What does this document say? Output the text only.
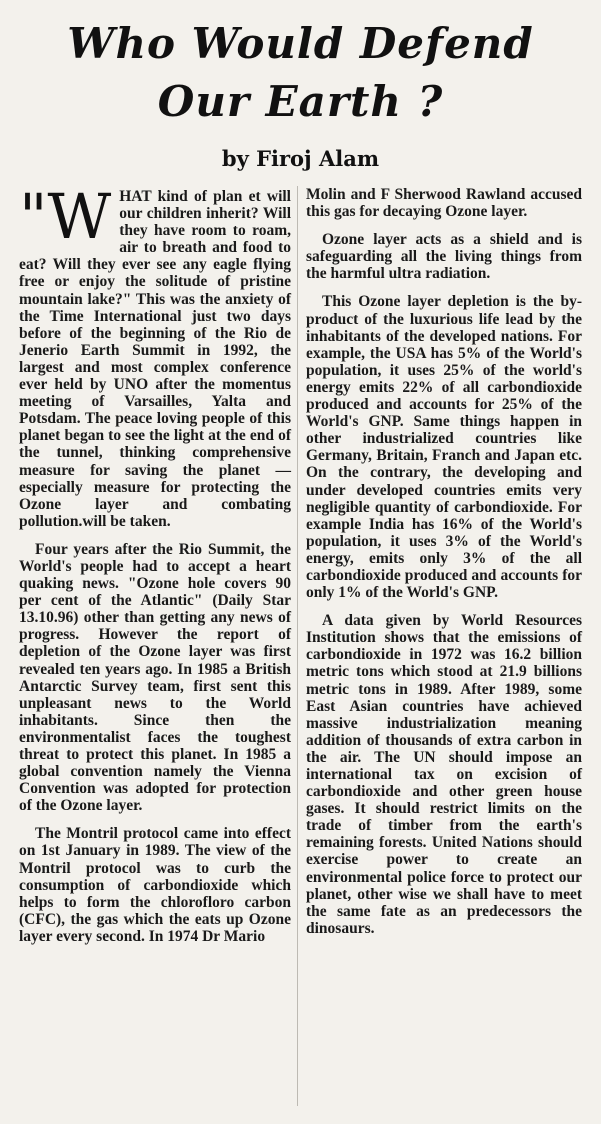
Who Would Defend
Our Earth ?
by Firoj Alam

"WHAT kind of plan et will our children inherit? Will they have room to roam, air to breath and food to eat? Will they ever see any eagle flying free or enjoy the solitude of pristine mountain lake?" This was the anxiety of the Time International just two days before of the beginning of the Rio de Jenerio Earth Summit in 1992, the largest and most complex conference ever held by UNO after the momentus meeting of Varsailles, Yalta and Potsdam. The peace loving people of this planet began to see the light at the end of the tunnel, thinking comprehensive measure for saving the planet — especially measure for protecting the Ozone layer and combating pollution.will be taken.

Four years after the Rio Summit, the World's people had to accept a heart quaking news. "Ozone hole covers 90 per cent of the Atlantic" (Daily Star 13.10.96) other than getting any news of progress. However the report of depletion of the Ozone layer was first revealed ten years ago. In 1985 a British Antarctic Survey team, first sent this unpleasant news to the World inhabitants. Since then the environmentalist faces the toughest threat to protect this planet. In 1985 a global convention namely the Vienna Convention was adopted for protection of the Ozone layer.

The Montril protocol came into effect on 1st January in 1989. The view of the Montril protocol was to curb the consumption of carbondioxide which helps to form the chlorofloro carbon (CFC), the gas which the eats up Ozone layer every second. In 1974 Dr Mario

Molin and F Sherwood Rawland accused this gas for decaying Ozone layer.

Ozone layer acts as a shield and is safeguarding all the living things from the harmful ultra radiation.

This Ozone layer depletion is the by-product of the luxurious life lead by the inhabitants of the developed nations. For example, the USA has 5% of the World's population, it uses 25% of the world's energy emits 22% of all carbondioxide produced and accounts for 25% of the World's GNP. Same things happen in other industrialized countries like Germany, Britain, Franch and Japan etc. On the contrary, the developing and under developed countries emits very negligible quantity of carbondioxide. For example India has 16% of the World's population, it uses 3% of the World's energy, emits only 3% of the all carbondioxide produced and accounts for only 1% of the World's GNP.

A data given by World Resources Institution shows that the emissions of carbondioxide in 1972 was 16.2 billion metric tons which stood at 21.9 billions metric tons in 1989. After 1989, some East Asian countries have achieved massive industrialization meaning addition of thousands of extra carbon in the air. The UN should impose an international tax on excision of carbondioxide and other green house gases. It should restrict limits on the trade of timber from the earth's remaining forests. United Nations should exercise power to create an environmental police force to protect our planet, other wise we shall have to meet the same fate as an predecessors the dinosaurs.
